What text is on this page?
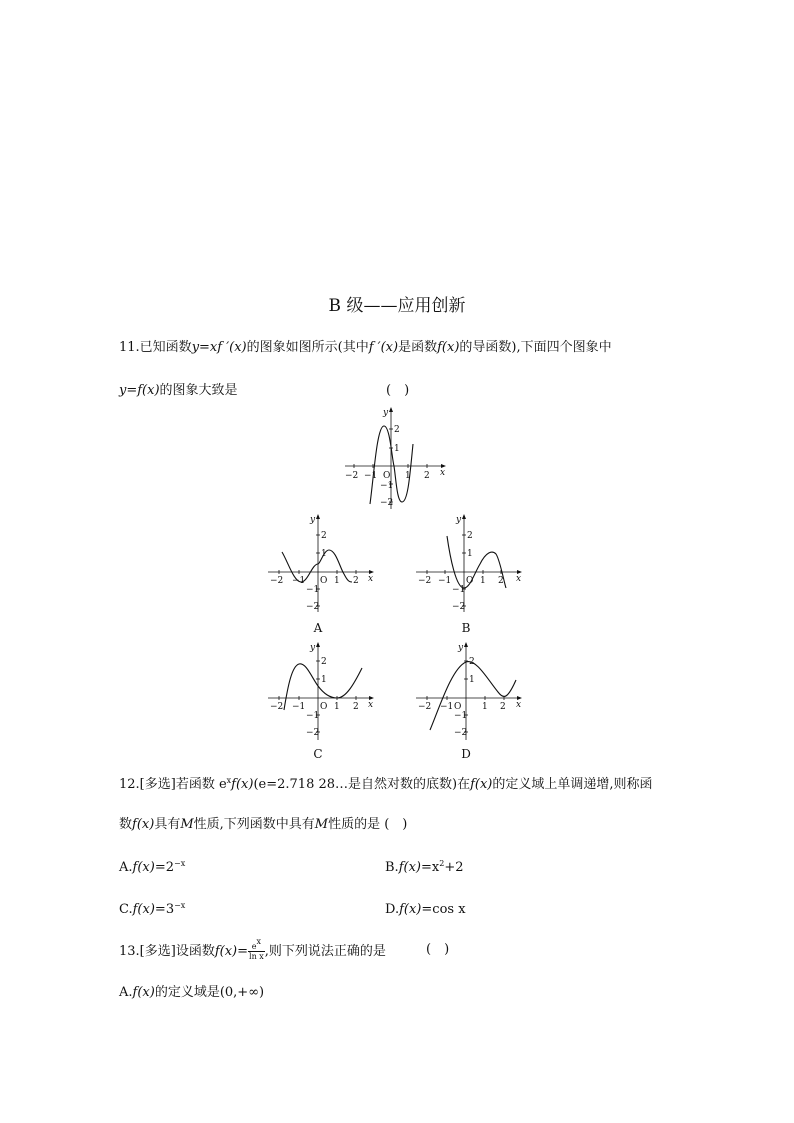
B 级——应用创新
11.已知函数y=xf ′(x)的图象如图所示(其中f ′(x)是函数f(x)的导函数),下面四个图象中
y=f(x)的图象大致是	(　)
−2 −1 O 1 2
2
1
−1
−2
x
y
−2 −1 O 1 2
2
1
−1
−2
x
y
A
−2 −1 O 1 2
2
1
−1
−2
x
y
B
−2 −1 O 1 2
2
1
−1
−2
x
y
C
−2 −1 O 1 2
2
1
−1
−2
x
y
D
12.[多选]若函数 $e^xf(x)(e=2.718$ 28…是自然对数的底数)在f(x)的定义域上单调递增,则称函
数f(x)具有M性质,下列函数中具有M性质的是 (　)
$A.f(x)=2^{-x}$	$B.f(x)=x^2+2$
$C.f(x)=3^{-x}$	D.f(x)=cos x
13.[多选]设函数$f(x)= \frac{e^x}{\text{ln x}}$ ,则下列说法正确的是	(　)
A.f(x)的定义域是(0,+∞)
